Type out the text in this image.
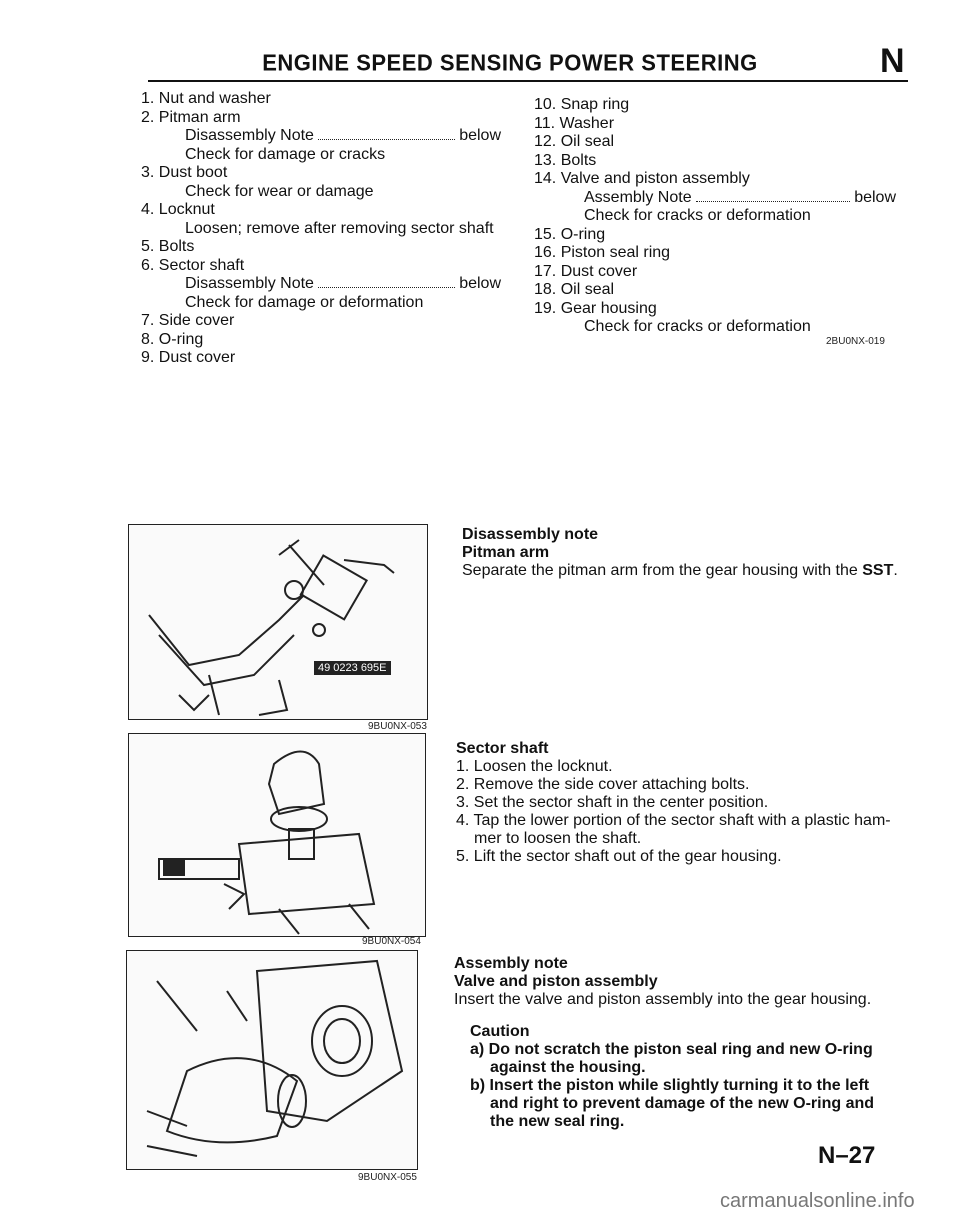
ENGINE SPEED SENSING POWER STEERING	N
1. Nut and washer
2. Pitman arm
Disassembly Note	below
Check for damage or cracks
3. Dust boot
Check for wear or damage
4. Locknut
Loosen; remove after removing sector shaft
5. Bolts
6. Sector shaft
Disassembly Note	below
Check for damage or deformation
7. Side cover
8. O-ring
9. Dust cover
10. Snap ring
11. Washer
12. Oil seal
13. Bolts
14. Valve and piston assembly
Assembly Note	below
Check for cracks or deformation
15. O-ring
16. Piston seal ring
17. Dust cover
18. Oil seal
19. Gear housing
Check for cracks or deformation
2BU0NX-019
49 0223 695E
9BU0NX-053
9BU0NX-054
9BU0NX-055
Disassembly note
Pitman arm
Separate the pitman arm from the gear housing with the SST.
Sector shaft
1. Loosen the locknut.
2. Remove the side cover attaching bolts.
3. Set the sector shaft in the center position.
4. Tap the lower portion of the sector shaft with a plastic ham-
mer to loosen the shaft.
5. Lift the sector shaft out of the gear housing.
Assembly note
Valve and piston assembly
Insert the valve and piston assembly into the gear housing.
Caution
a) Do not scratch the piston seal ring and new O-ring
against the housing.
b) Insert the piston while slightly turning it to the left
and right to prevent damage of the new O-ring and
the new seal ring.
N–27
carmanualsonline.info
